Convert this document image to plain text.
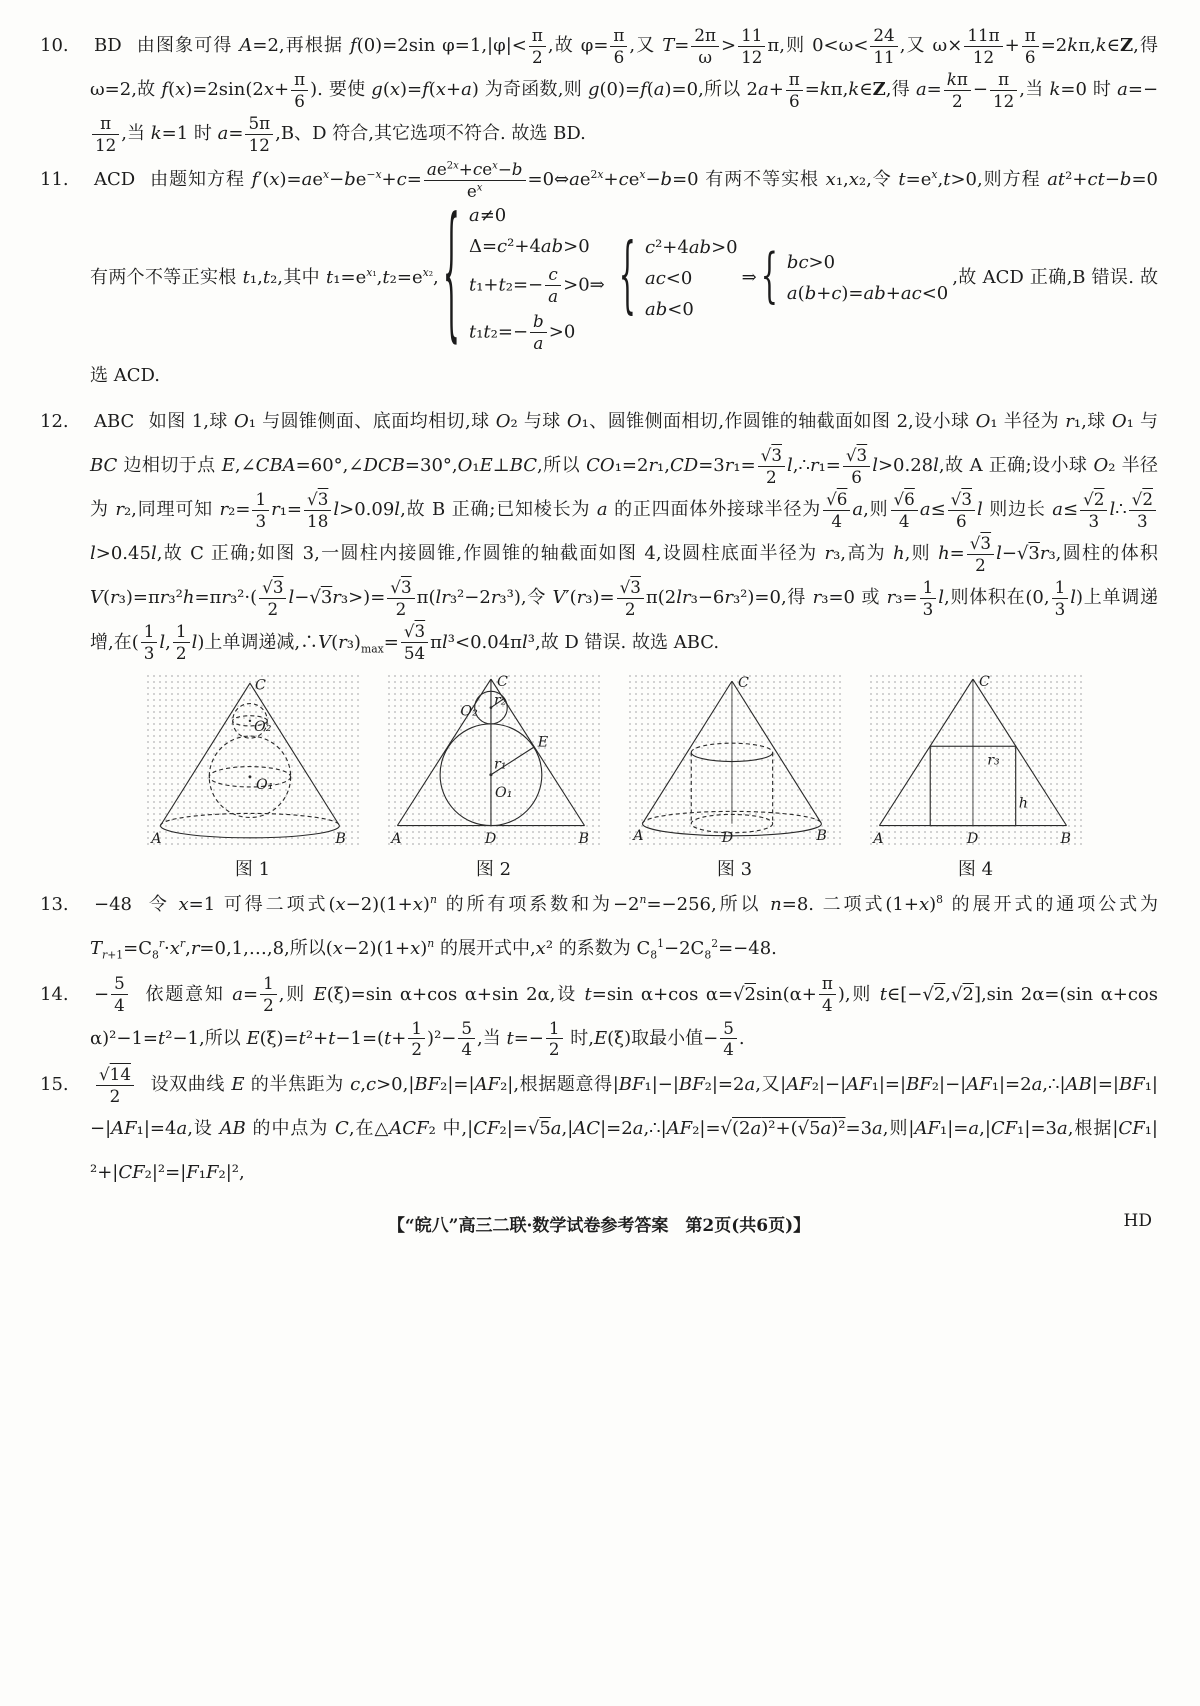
10. BD 由图象可得 A=2,再根据 f(0)=2sin $\varphi=1,|\varphi|< \frac{\pi}{2}$ ,故 $\varphi= \frac{\pi}{6}$ ,又 $T= \frac{2\pi}{\omega} > \frac{11}{12} \pi$,则 $0<\omega< \frac{24}{11}$ ,又 $\omega\times \frac{11\pi}{12} + \frac{\pi}{6}$ =2kπ,k∈Z,得 ω=2,故 $f(x)=2\sin(2x+ \frac{\pi}{6}$ ). 要使 g(x)=f(x+a) 为奇函数,则 g(0)=f(a)=0,所以 $2a+ \frac{\pi}{6}$ =kπ,k∈Z,得 $a= \frac{k\pi}{2} - \frac{\pi}{12}$ ,当 k=0 时 a=−
$\frac{\pi}{12}$ ,当 k=1 时 $a= \frac{5\pi}{12} ,B$、D 符合,其它选项不符合. 故选 BD.

11. ACD 由题知方程 $f'(x)=ae^x-be^{-x}+c=$
$ae^{2x}+ce^x-b$
$e^x$	$=0\Leftrightarrow ae^{2x}+ce^x-b=0$ 有两不等实根 x₁,x₂,令 $t=e^x,t>0$,则方程 at²+ct−b=0 有两个不等正实根 t₁,t₂,其中 $t_1=e^{x_1},t_2=e^{x_2}$, { a≠0
Δ=c²+4ab>0
$t_1+t_2=- \frac{c}{a}$ >0⇒
$t_1t_2=- \frac{b}{a} >0$

{ c²+4ab>0
ac<0
ab<0
⇒ { bc>0
a(b+c)=ab+ac<0
,故 ACD 正确,B 错误. 故选 ACD.

12. ABC 如图 1,球 O₁ 与圆锥侧面、底面均相切,球 O₂ 与球 O₁、圆锥侧面相切,作圆锥的轴截面如图 2,设小球 O₁ 半径为 r₁,球 O₁ 与 BC 边相切于点 E,∠CBA=60°,∠DCB=30°,O₁E⊥BC,所以 $CO_1=2r_1,CD=3r_1= \frac{√3}{2}$ l,∴r₁= $\frac{√3}{6} l>0.28l$,故 A 正确;设小球 O₂ 半径为 r₂,同理可知 $r_2= \frac{1}{3} r_1= \frac{√3}{18} l>0.09l$,故 B 正确;已知棱长为 a 的正四面体外接球半径为 $\frac{√6}{4} a$,则 $\frac{√6}{4} a\le \frac{√3}{6}$ l 则边长 $a\le \frac{√2}{3}$ l∴ $\frac{√2}{3}$
l>0.45l,故 C 正确;如图 3,一圆柱内接圆锥,作圆锥的轴截面如图 4,设圆柱底面半径为 r₃,高为 h,则 $h= \frac{√3}{2} l-√3r_3$,圆柱的体积 $V(r_3)=\pi r_3^2h=\pi r_3^2\cdot( \frac{√3}{2} l-√3r_3>)= \frac{√3}{2} \pi(lr_3^2-2r_3^3)$,令 $V'(r_3)= \frac{√3}{2} \pi(2lr_3-6r_3^2)=0$,得 r₃=0 或 $r_3= \frac{1}{3} l$,则体积在(0, $\frac{1}{3} l$)上单调递增,在( $\frac{1}{3} l$, $\frac{1}{2} l$)上单调递减$,\therefore V(r_3)_{max}= \frac{√3}{54} \pi l^3<0.04\pi l^3$,故 D 错误. 故选 ABC.

C
O₂
O₁
A	B
图 1
C
O₂
r₂
E
r₁
O₁
A	D	B
图 2
C
A	D	B
图 3
C
r₃
h
A	D	B
图 4

13. −48 令 x=1 可得二项式$(x-2)(1+x)^n$ 的所有项系数和为$-2^n=-256$,所以 n=8. 二项式$(1+x)^8$ 的展开式的通项公式为 $T_{r+1}=C_8^r\cdot x^r,r=0,1,\dots,8$,所以$(x-2)(1+x)^n$ 的展开式中,x² 的系数为 $C_8^1-2C_8^2=-48$.

14. − $\frac{5}{4}$ 依题意知 $a= \frac{1}{2}$ ,则 E(ξ)=sin α+cos α+sin 2α,设 t=sin α+cos $\alpha=√2\sin(\alpha+ \frac{\pi}{4}$ ),则 t∈[−√2,√2],sin 2α=(sin α+cos α)²−1=t²−1,所以 $E(\xi)=t^2+t-1=(t+ \frac{1}{2} )^2- \frac{5}{4}$ ,当 $t=- \frac{1}{2}$ 时,E(ξ)取最小值− $\frac{5}{4}$ .

15. $\frac{√14}{2}$ 设双曲线 E 的半焦距为 c,c>0,|BF₂|=|AF₂|,根据题意得|BF₁|−|BF₂|=2a,又|AF₂|−|AF₁|=|BF₂|−|AF₁|=2a,∴|AB|=|BF₁|−|AF₁|=4a,设 AB 的中点为 C,在△ACF₂ 中,|CF₂|=√5a,|AC|=2a,∴|AF₂|=√(2a)²+(√5a)²=3a,则|AF₁|=a,|CF₁|=3a,根据|CF₁|²+|CF₂|²=|F₁F₂|²,

【“皖八”高三二联·数学试卷参考答案　第2页(共6页)】	HD
